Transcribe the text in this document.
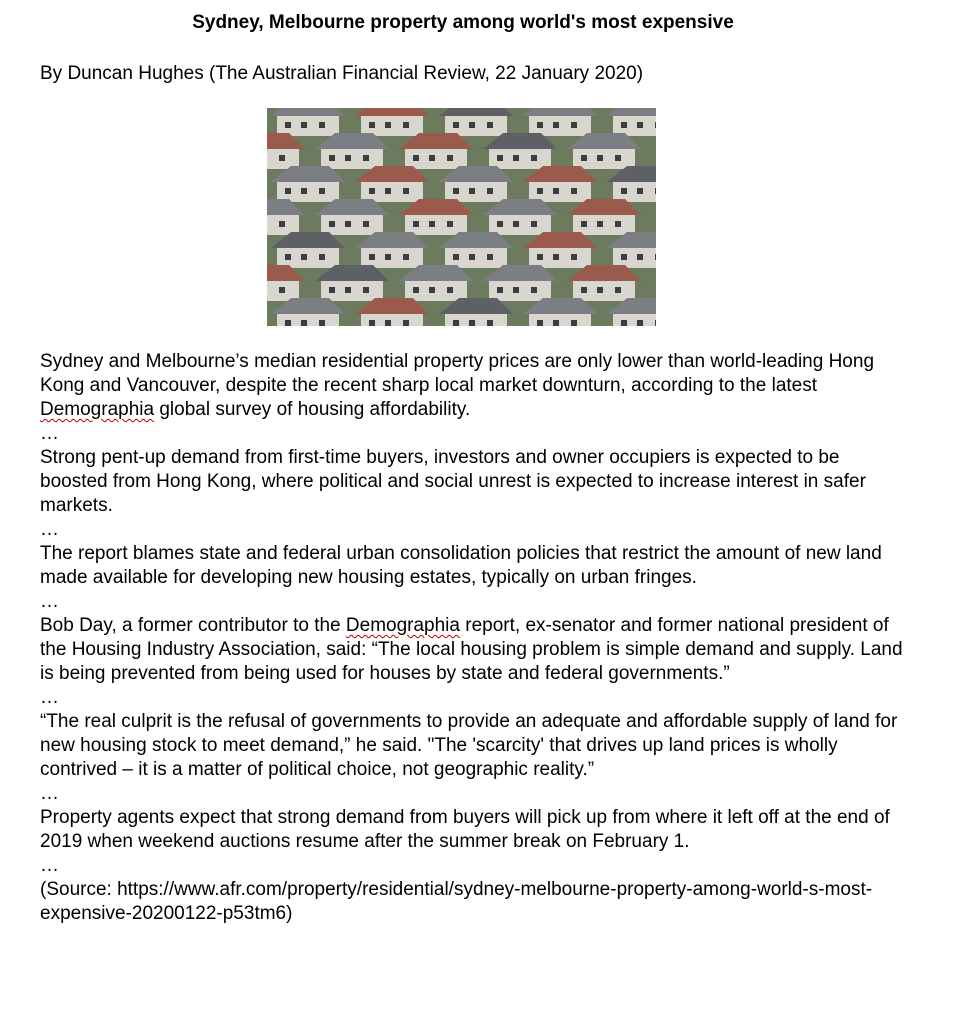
Sydney, Melbourne property among world's most expensive
By Duncan Hughes (The Australian Financial Review, 22 January 2020)

Sydney and Melbourne’s median residential property prices are only lower than world-leading Hong Kong and Vancouver, despite the recent sharp local market downturn, according to the latest Demographia global survey of housing affordability.

…

Strong pent-up demand from first-time buyers, investors and owner occupiers is expected to be boosted from Hong Kong, where political and social unrest is expected to increase interest in safer markets.

…

The report blames state and federal urban consolidation policies that restrict the amount of new land made available for developing new housing estates, typically on urban fringes.

…

Bob Day, a former contributor to the Demographia report, ex-senator and former national president of the Housing Industry Association, said: “The local housing problem is simple demand and supply. Land is being prevented from being used for houses by state and federal governments.”

…

“The real culprit is the refusal of governments to provide an adequate and affordable supply of land for new housing stock to meet demand,” he said. "The 'scarcity' that drives up land prices is wholly contrived – it is a matter of political choice, not geographic reality.”

…

Property agents expect that strong demand from buyers will pick up from where it left off at the end of 2019 when weekend auctions resume after the summer break on February 1.

…

(Source: https://www.afr.com/property/residential/sydney-melbourne-property-among-world-s-most-expensive-20200122-p53tm6)
